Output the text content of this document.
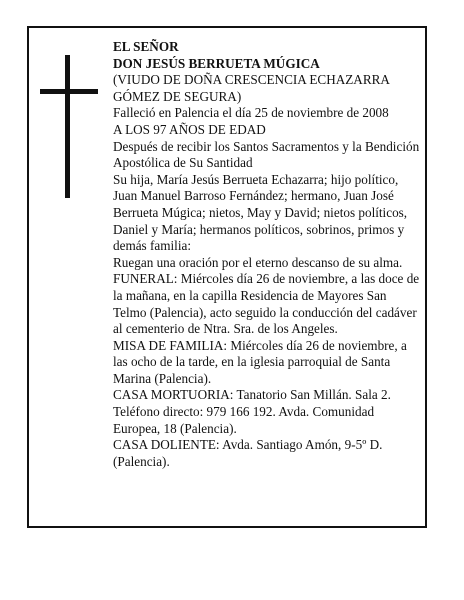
EL SEÑOR

DON JESÚS BERRUETA MÚGICA

(VIUDO DE DOÑA CRESCENCIA ECHAZARRA GÓMEZ DE SEGURA)

Falleció en Palencia el día 25 de noviembre de 2008

A LOS 97 AÑOS DE EDAD

Después de recibir los Santos Sacramentos y la Bendición Apostólica de Su Santidad

Su hija, María Jesús Berrueta Echazarra; hijo político, Juan Manuel Barroso Fernández; hermano, Juan José Berrueta Múgica; nietos, May y David; nietos políticos, Daniel y María; hermanos políticos, sobrinos, primos y demás familia:

Ruegan una oración por el eterno descanso de su alma.

FUNERAL: Miércoles día 26 de noviembre, a las doce de la mañana, en la capilla Residencia de Mayores San Telmo (Palencia), acto seguido la conducción del cadáver al cementerio de Ntra. Sra. de los Angeles.

MISA DE FAMILIA: Miércoles día 26 de noviembre, a las ocho de la tarde, en la iglesia parroquial de Santa Marina (Palencia).

CASA MORTUORIA: Tanatorio San Millán. Sala 2. Teléfono directo: 979 166 192. Avda. Comunidad Europea, 18 (Palencia).

CASA DOLIENTE: Avda. Santiago Amón, 9-5º D. (Palencia).
